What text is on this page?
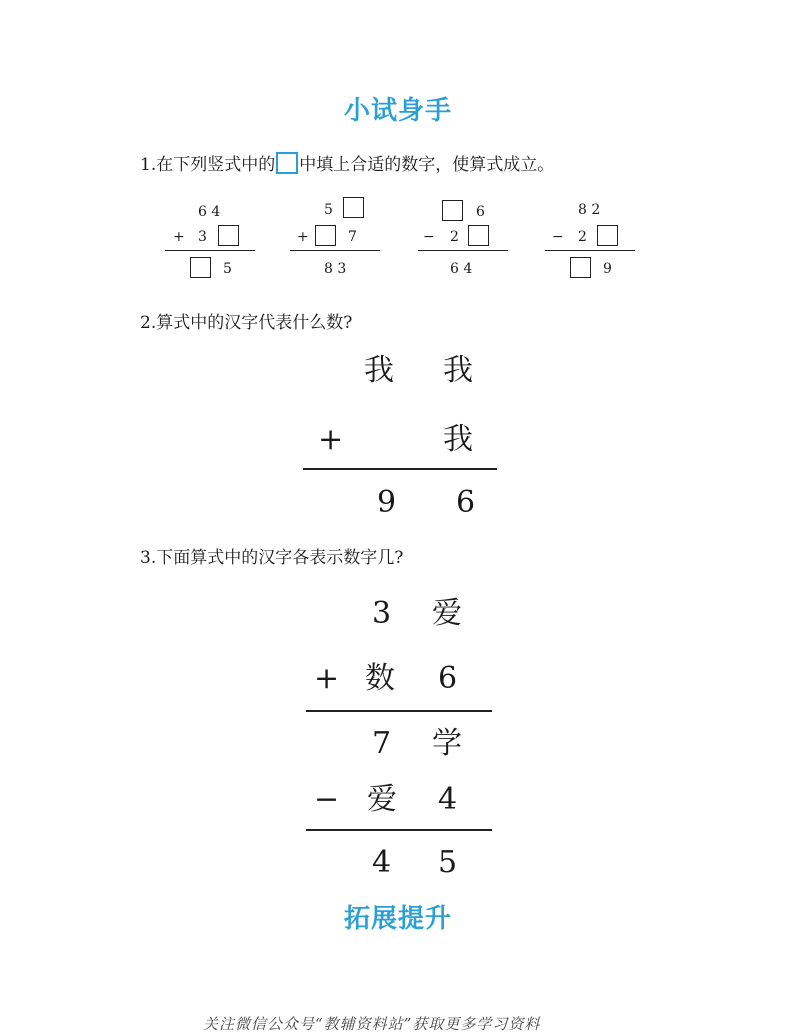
小试身手
1.在下列竖式中的 中填上合适的数字，使算式成立。
6 4
+ 3
5
5
+	7
8 3
6
− 2
6 4
8 2
− 2
9
2.算式中的汉字代表什么数?
我 我
+	我
9 6
3.下面算式中的汉字各表示数字几?
3 爱
+ 数 6
7 学
− 爱 4
4 5
拓展提升
关注微信公众号“教辅资料站”获取更多学习资料
